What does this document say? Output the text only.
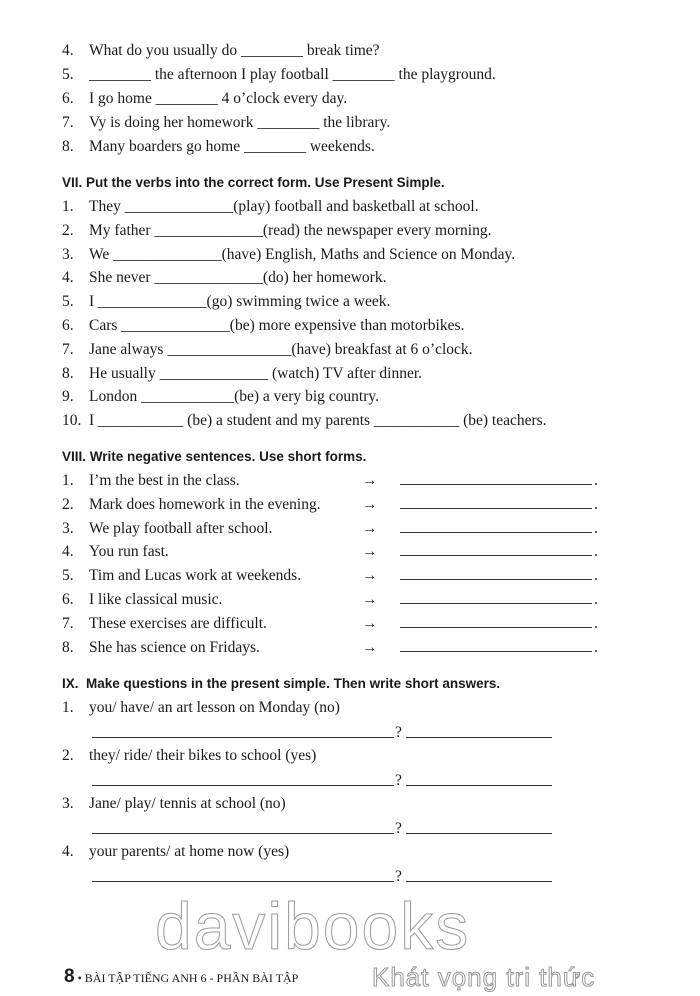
davibooks
Khát vọng tri thức
4. What do you usually do ________ break time?
5. ________ the afternoon I play football ________ the playground.
6. I go home ________ 4 o’clock every day.
7. Vy is doing her homework ________ the library.
8. Many boarders go home ________ weekends.
VII. Put the verbs into the correct form. Use Present Simple.
1. They ______________(play) football and basketball at school.
2. My father ______________(read) the newspaper every morning.
3. We ______________(have) English, Maths and Science on Monday.
4. She never ______________(do) her homework.
5. I ______________(go) swimming twice a week.
6. Cars ______________(be) more expensive than motorbikes.
7. Jane always ________________(have) breakfast at 6 o’clock.
8. He usually ______________ (watch) TV after dinner.
9. London ____________(be) a very big country.
10. I ___________ (be) a student and my parents ___________ (be) teachers.
VIII. Write negative sentences. Use short forms.
1. I’m the best in the class.	→	.
2. Mark does homework in the evening.	→	.
3. We play football after school.	→	.
4. You run fast.	→	.
5. Tim and Lucas work at weekends.	→	.
6. I like classical music.	→	.
7. These exercises are difficult.	→	.
8. She has science on Fridays.	→	.
IX.  Make questions in the present simple. Then write short answers.
1. you/ have/ an art lesson on Monday (no)
?
2. they/ ride/ their bikes to school (yes)
?
3. Jane/ play/ tennis at school (no)
?
4. your parents/ at home now (yes)
?
8 • BÀI TẬP TIẾNG ANH 6 - PHẦN BÀI TẬP
